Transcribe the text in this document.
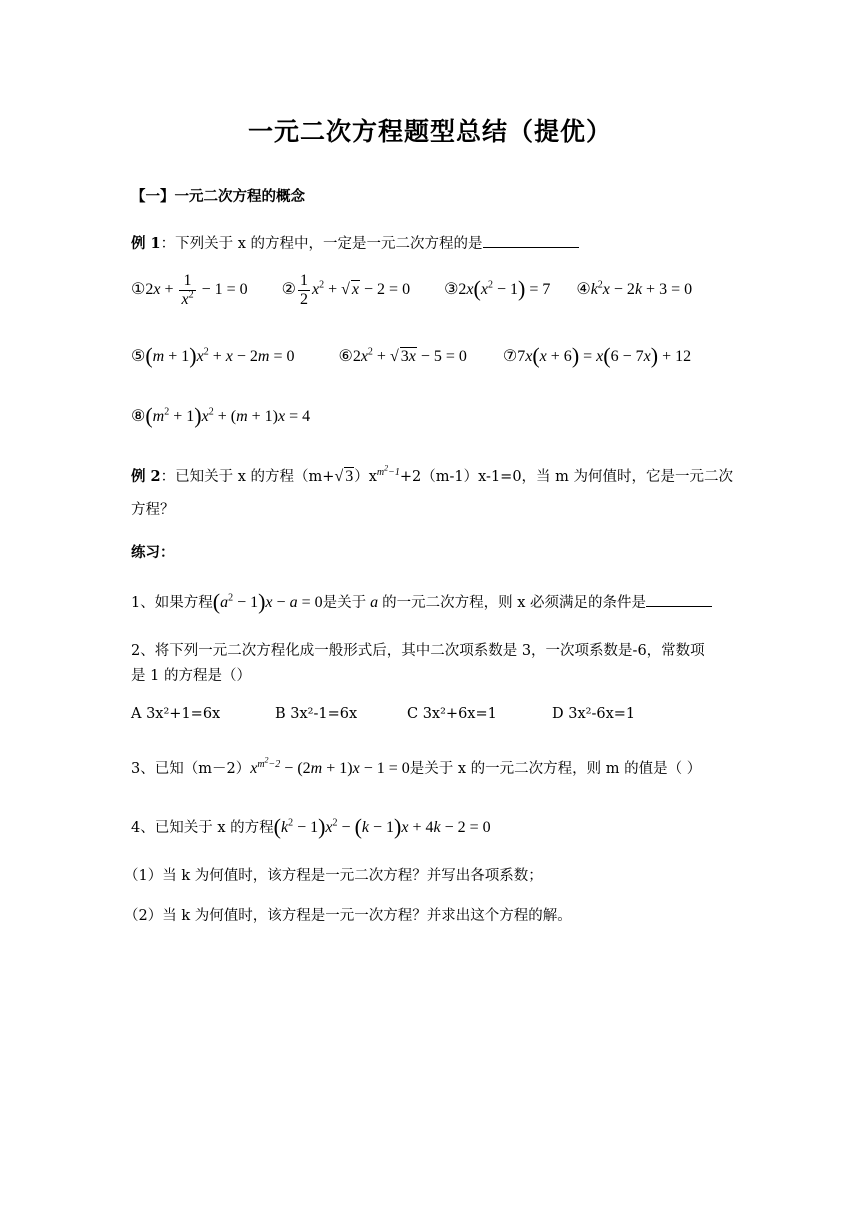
一元二次方程题型总结（提优）
【一】一元二次方程的概念
例 1：下列关于 x 的方程中，一定是一元二次方程的是
①2x + $\frac{1}{x^2} - 1 = 0$ ② $\frac{1}{2} x^2$ + √ x − 2 = 0 $③2x(x^2 - 1) = 7$ $④k^2x - 2k + 3 = 0$
⑤(m + $1)x^2 + x - 2m = 0$	$⑥2x^2$ + √ 3x − 5 = 0 ⑦7x(x + 6) = x(6 − 7x) + 12
$⑧(m^2 + 1)x^2 + (m + 1)x = 4$
例 2：已知关于 x 的方程（m+√ $3)x^{m^2-1}+2(m-1)x-1=0$，当 m 为何值时，它是一元二次
方程？
练习：
1、如果方程$(a^2 - 1)x - a = 0$是关于 a 的一元二次方程，则 x 必须满足的条件是
2、将下列一元二次方程化成一般形式后，其中二次项系数是 3，一次项系数是-6，常数项
是 1 的方程是（）
A 3x²+1=6x	B 3x²-1=6x	C 3x²+6x=1	D 3x²-6x=1
3、已知$(m-2)x^{m^2-2} - (2m + 1)x - 1 = 0$是关于 x 的一元二次方程，则 m 的值是（ ）
4、已知关于 x 的方程$(k^2 - 1)x^2 - (k - 1)x + 4k - 2 = 0$
（1）当 k 为何值时，该方程是一元二次方程？并写出各项系数；
（2）当 k 为何值时，该方程是一元一次方程？并求出这个方程的解。
